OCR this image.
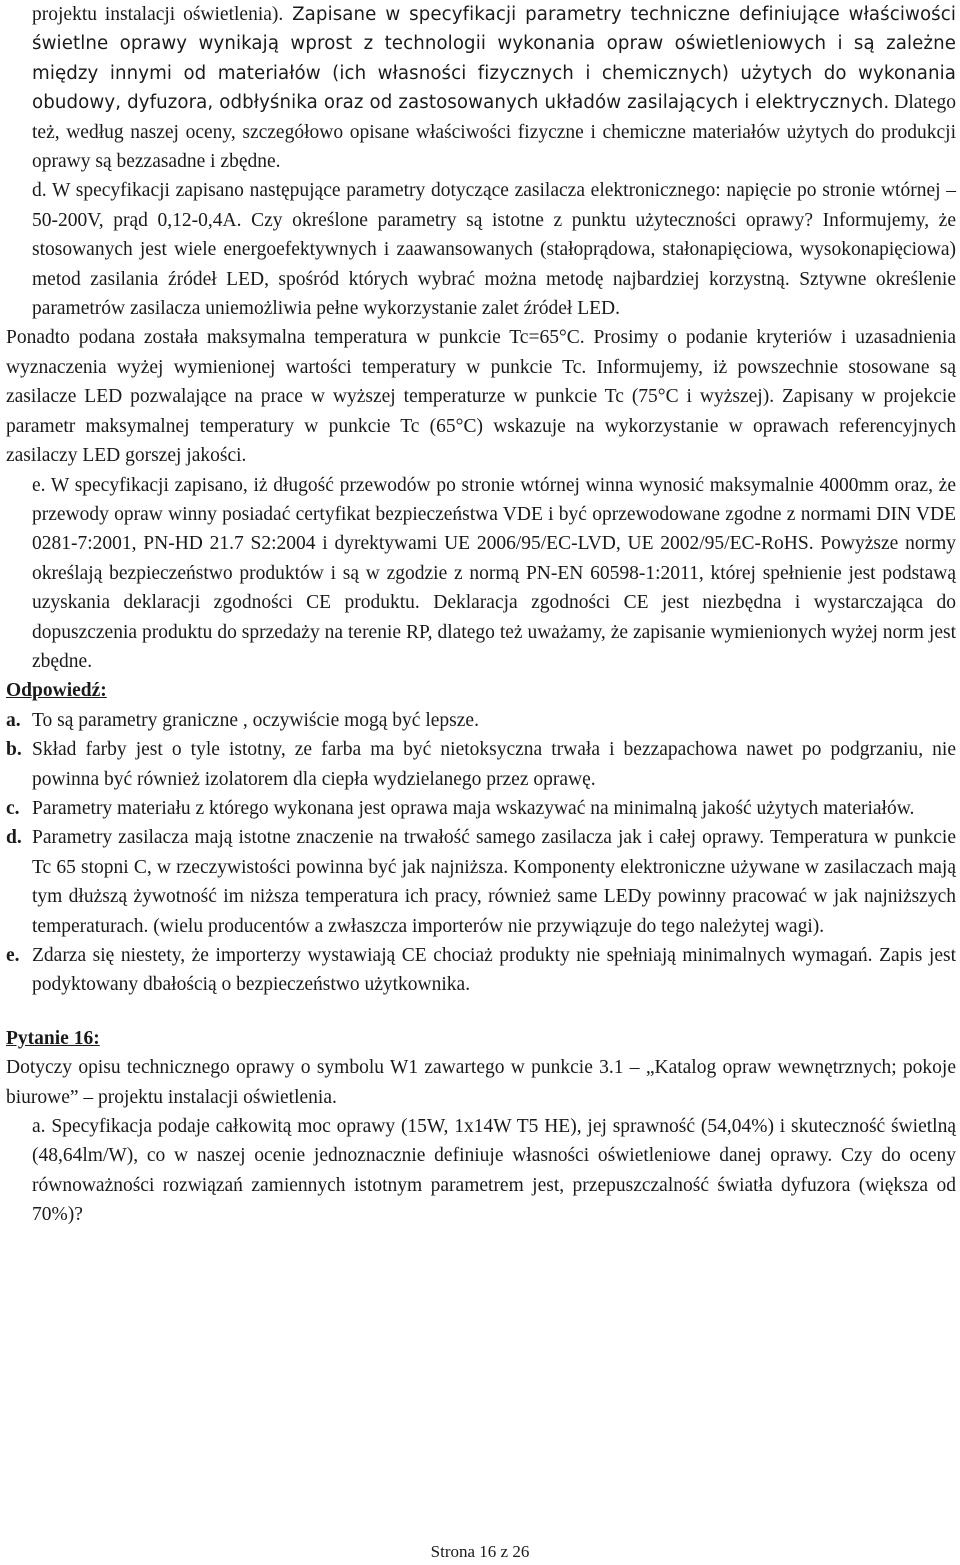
projektu instalacji oświetlenia). Zapisane w specyfikacji parametry techniczne definiujące właściwości świetlne oprawy wynikają wprost z technologii wykonania opraw oświetleniowych i są zależne między innymi od materiałów (ich własności fizycznych i chemicznych) użytych do wykonania obudowy, dyfuzora, odbłyśnika oraz od zastosowanych układów zasilających i elektrycznych. Dlatego też, według naszej oceny, szczegółowo opisane właściwości fizyczne i chemiczne materiałów użytych do produkcji oprawy są bezzasadne i zbędne.

d. W specyfikacji zapisano następujące parametry dotyczące zasilacza elektronicznego: napięcie po stronie wtórnej – 50-200V, prąd 0,12-0,4A. Czy określone parametry są istotne z punktu użyteczności oprawy? Informujemy, że stosowanych jest wiele energoefektywnych i zaawansowanych (stałoprądowa, stałonapięciowa, wysokonapięciowa) metod zasilania źródeł LED, spośród których wybrać można metodę najbardziej korzystną. Sztywne określenie parametrów zasilacza uniemożliwia pełne wykorzystanie zalet źródeł LED.

Ponadto podana została maksymalna temperatura w punkcie Tc=65°C. Prosimy o podanie kryteriów i uzasadnienia wyznaczenia wyżej wymienionej wartości temperatury w punkcie Tc. Informujemy, iż powszechnie stosowane są zasilacze LED pozwalające na prace w wyższej temperaturze w punkcie Tc (75°C i wyższej). Zapisany w projekcie parametr maksymalnej temperatury w punkcie Tc (65°C) wskazuje na wykorzystanie w oprawach referencyjnych zasilaczy LED gorszej jakości.

e. W specyfikacji zapisano, iż długość przewodów po stronie wtórnej winna wynosić maksymalnie 4000mm oraz, że przewody opraw winny posiadać certyfikat bezpieczeństwa VDE i być oprzewodowane zgodne z normami DIN VDE 0281-7:2001, PN-HD 21.7 S2:2004 i dyrektywami UE 2006/95/EC-LVD, UE 2002/95/EC-RoHS. Powyższe normy określają bezpieczeństwo produktów i są w zgodzie z normą PN-EN 60598-1:2011, której spełnienie jest podstawą uzyskania deklaracji zgodności CE produktu. Deklaracja zgodności CE jest niezbędna i wystarczająca do dopuszczenia produktu do sprzedaży na terenie RP, dlatego też uważamy, że zapisanie wymienionych wyżej norm jest zbędne.

Odpowiedź:

a. To są parametry graniczne , oczywiście mogą być lepsze.

b. Skład farby jest o tyle istotny, ze farba ma być nietoksyczna trwała i bezzapachowa nawet po podgrzaniu, nie powinna być również izolatorem dla ciepła wydzielanego przez oprawę.

c. Parametry materiału z którego wykonana jest oprawa maja wskazywać na minimalną jakość użytych materiałów.

d. Parametry zasilacza mają istotne znaczenie na trwałość samego zasilacza jak i całej oprawy. Temperatura w punkcie Tc 65 stopni C, w rzeczywistości powinna być jak najniższa. Komponenty elektroniczne używane w zasilaczach mają tym dłuższą żywotność im niższa temperatura ich pracy, również same LEDy powinny pracować w jak najniższych temperaturach. (wielu producentów a zwłaszcza importerów nie przywiązuje do tego należytej wagi).

e. Zdarza się niestety, że importerzy wystawiają CE chociaż produkty nie spełniają minimalnych wymagań. Zapis jest podyktowany dbałością o bezpieczeństwo użytkownika.

Pytanie 16:

Dotyczy opisu technicznego oprawy o symbolu W1 zawartego w punkcie 3.1 – „Katalog opraw wewnętrznych; pokoje biurowe” – projektu instalacji oświetlenia.

a. Specyfikacja podaje całkowitą moc oprawy (15W, 1x14W T5 HE), jej sprawność (54,04%) i skuteczność świetlną (48,64lm/W), co w naszej ocenie jednoznacznie definiuje własności oświetleniowe danej oprawy. Czy do oceny równoważności rozwiązań zamiennych istotnym parametrem jest, przepuszczalność światła dyfuzora (większa od 70%)?

Strona 16 z 26
